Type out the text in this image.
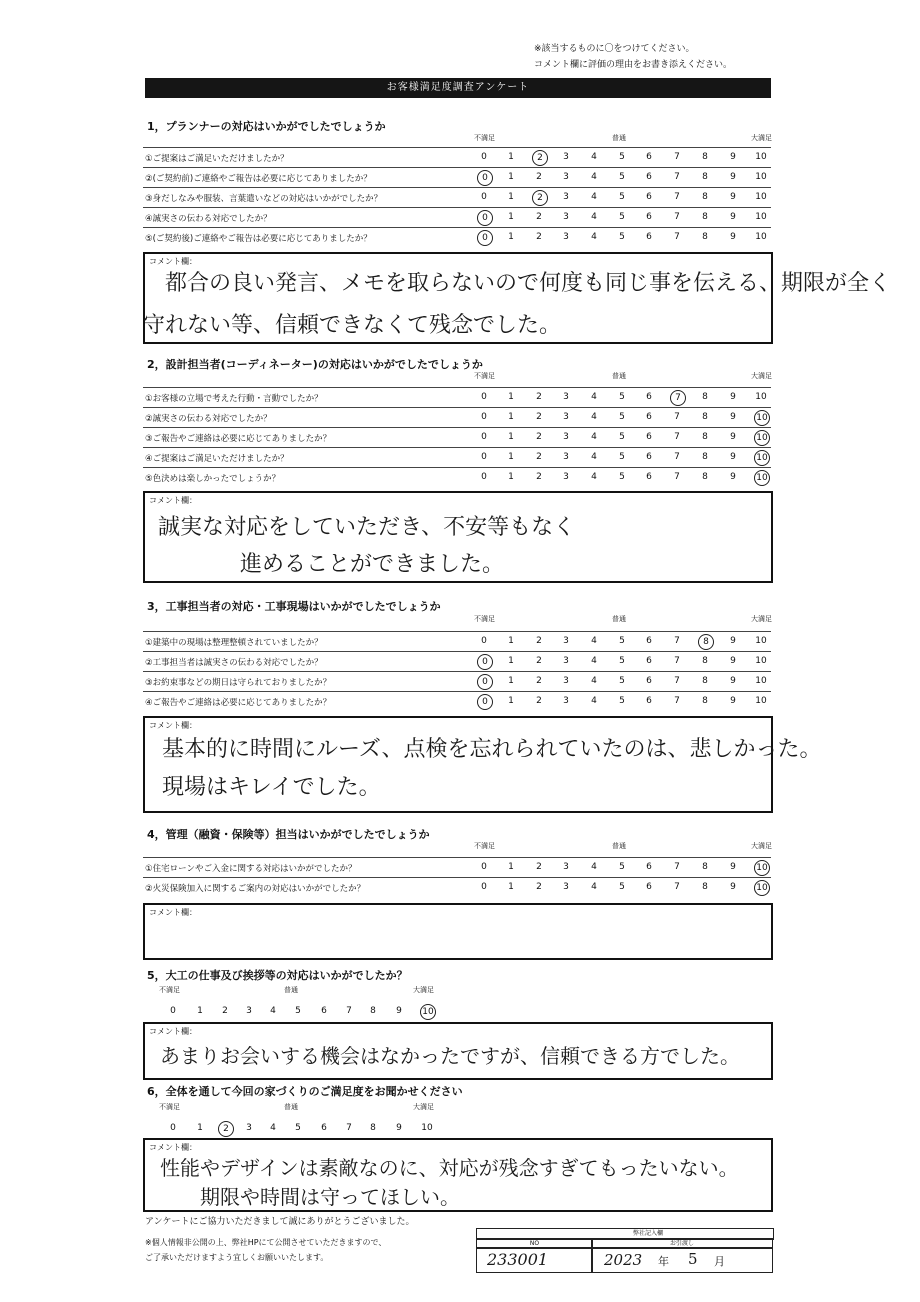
※該当するものに〇をつけてください。
コメント欄に評価の理由をお書き添えください。
お客様満足度調査アンケート
1，プランナーの対応はいかがでしたでしょうか
不満足	普通	大満足
①ご提案はご満足いただけましたか？	0	1	2	3	4	5	6	7	8	9	10
②(ご契約前)ご連絡やご報告は必要に応じてありましたか？	0	1	2	3	4	5	6	7	8	9	10
③身だしなみや服装、言葉遣いなどの対応はいかがでしたか？	0	1	2	3	4	5	6	7	8	9	10
④誠実さの伝わる対応でしたか？	0	1	2	3	4	5	6	7	8	9	10
⑤(ご契約後)ご連絡やご報告は必要に応じてありましたか？	0	1	2	3	4	5	6	7	8	9	10
コメント欄：
都合の良い発言、メモを取らないので何度も同じ事を伝える、期限が全く
守れない等、信頼できなくて残念でした。
2，設計担当者(コーディネーター)の対応はいかがでしたでしょうか
不満足	普通	大満足
①お客様の立場で考えた行動・言動でしたか？	0	1	2	3	4	5	6	7	8	9	10
②誠実さの伝わる対応でしたか？	0	1	2	3	4	5	6	7	8	9	10
③ご報告やご連絡は必要に応じてありましたか？	0	1	2	3	4	5	6	7	8	9	10
④ご提案はご満足いただけましたか？	0	1	2	3	4	5	6	7	8	9	10
⑤色決めは楽しかったでしょうか？	0	1	2	3	4	5	6	7	8	9	10
コメント欄：
誠実な対応をしていただき、不安等もなく
進めることができました。
3，工事担当者の対応・工事現場はいかがでしたでしょうか
不満足	普通	大満足
①建築中の現場は整理整頓されていましたか？	0	1	2	3	4	5	6	7	8	9	10
②工事担当者は誠実さの伝わる対応でしたか？	0	1	2	3	4	5	6	7	8	9	10
③お約束事などの期日は守られておりましたか？	0	1	2	3	4	5	6	7	8	9	10
④ご報告やご連絡は必要に応じてありましたか？	0	1	2	3	4	5	6	7	8	9	10
コメント欄：
基本的に時間にルーズ、点検を忘れられていたのは、悲しかった。
現場はキレイでした。
4，管理（融資・保険等）担当はいかがでしたでしょうか
不満足	普通	大満足
①住宅ローンやご入金に関する対応はいかがでしたか？	0	1	2	3	4	5	6	7	8	9	10
②火災保険加入に関するご案内の対応はいかがでしたか？	0	1	2	3	4	5	6	7	8	9	10
コメント欄：
5，大工の仕事及び挨拶等の対応はいかがでしたか？
不満足	普通	大満足
0	1	2	3	4	5	6	7	8	9	10
コメント欄：
あまりお会いする機会はなかったですが、信頼できる方でした。
6，全体を通して今回の家づくりのご満足度をお聞かせください
不満足	普通	大満足
0	1	2	3	4	5	6	7	8	9	10
コメント欄：
性能やデザインは素敵なのに、対応が残念すぎてもったいない。
期限や時間は守ってほしい。
アンケートにご協力いただきまして誠にありがとうございました。
※個人情報非公開の上、弊社HPにて公開させていただきますので、
ご了承いただけますよう宜しくお願いいたします。
弊社記入欄
NO	お引渡し
233001	2023 年 5 月
